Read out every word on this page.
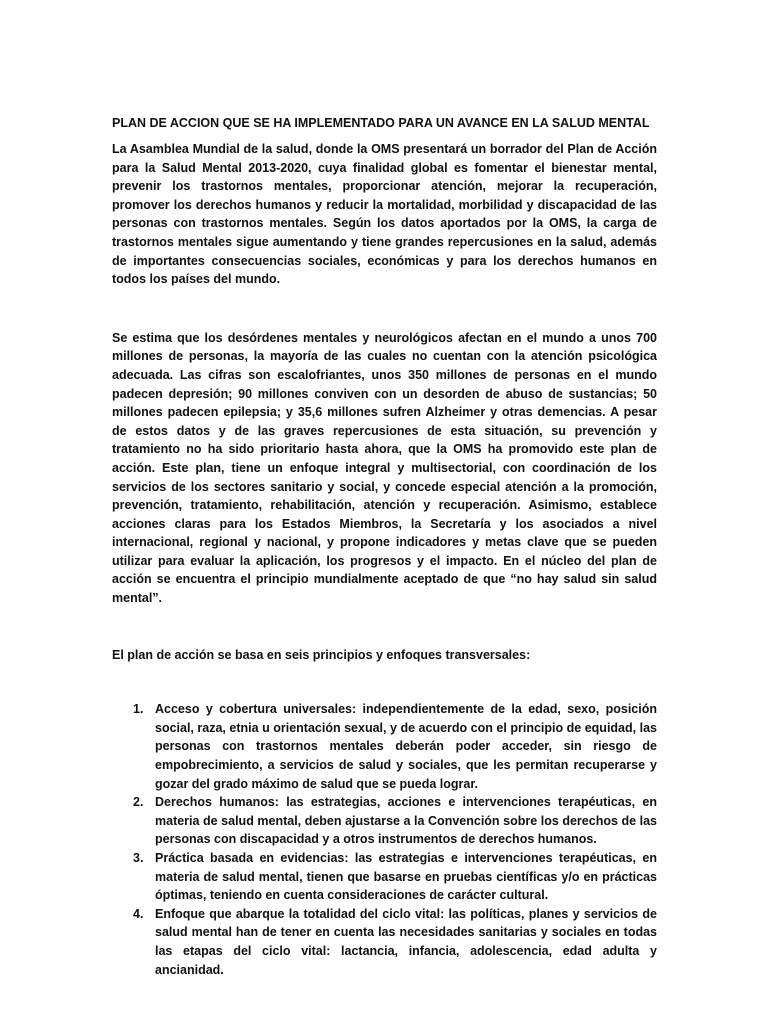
PLAN DE ACCION QUE SE HA IMPLEMENTADO PARA UN AVANCE EN LA SALUD MENTAL

La Asamblea Mundial de la salud, donde la OMS presentará un borrador del Plan de Acción para la Salud Mental 2013-2020, cuya finalidad global es fomentar el bienestar mental, prevenir los trastornos mentales, proporcionar atención, mejorar la recuperación, promover los derechos humanos y reducir la mortalidad, morbilidad y discapacidad de las personas con trastornos mentales. Según los datos aportados por la OMS, la carga de trastornos mentales sigue aumentando y tiene grandes repercusiones en la salud, además de importantes consecuencias sociales, económicas y para los derechos humanos en todos los países del mundo.

Se estima que los desórdenes mentales y neurológicos afectan en el mundo a unos 700 millones de personas, la mayoría de las cuales no cuentan con la atención psicológica adecuada. Las cifras son escalofriantes, unos 350 millones de personas en el mundo padecen depresión; 90 millones conviven con un desorden de abuso de sustancias; 50 millones padecen epilepsia; y 35,6 millones sufren Alzheimer y otras demencias. A pesar de estos datos y de las graves repercusiones de esta situación, su prevención y tratamiento no ha sido prioritario hasta ahora, que la OMS ha promovido este plan de acción. Este plan, tiene un enfoque integral y multisectorial, con coordinación de los servicios de los sectores sanitario y social, y concede especial atención a la promoción, prevención, tratamiento, rehabilitación, atención y recuperación. Asimismo, establece acciones claras para los Estados Miembros, la Secretaría y los asociados a nivel internacional, regional y nacional, y propone indicadores y metas clave que se pueden utilizar para evaluar la aplicación, los progresos y el impacto. En el núcleo del plan de acción se encuentra el principio mundialmente aceptado de que “no hay salud sin salud mental”.

El plan de acción se basa en seis principios y enfoques transversales:

1. Acceso y cobertura universales: independientemente de la edad, sexo, posición social, raza, etnia u orientación sexual, y de acuerdo con el principio de equidad, las personas con trastornos mentales deberán poder acceder, sin riesgo de empobrecimiento, a servicios de salud y sociales, que les permitan recuperarse y gozar del grado máximo de salud que se pueda lograr.
2. Derechos humanos: las estrategias, acciones e intervenciones terapéuticas, en materia de salud mental, deben ajustarse a la Convención sobre los derechos de las personas con discapacidad y a otros instrumentos de derechos humanos.
3. Práctica basada en evidencias: las estrategias e intervenciones terapéuticas, en materia de salud mental, tienen que basarse en pruebas científicas y/o en prácticas óptimas, teniendo en cuenta consideraciones de carácter cultural.
4. Enfoque que abarque la totalidad del ciclo vital: las políticas, planes y servicios de salud mental han de tener en cuenta las necesidades sanitarias y sociales en todas las etapas del ciclo vital: lactancia, infancia, adolescencia, edad adulta y ancianidad.
